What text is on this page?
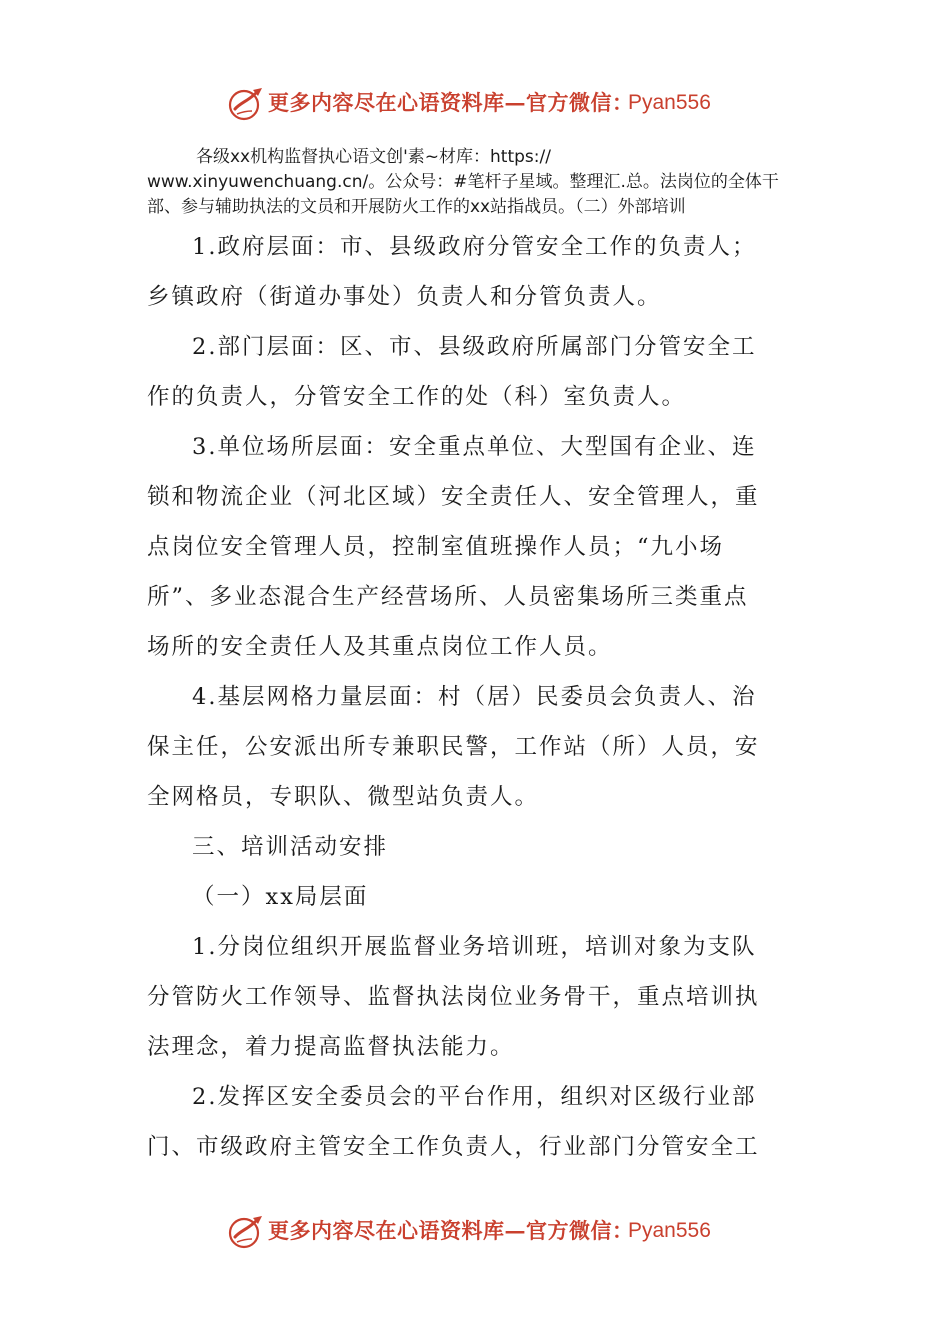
更多内容尽在心语资料库—官方微信：
Pyan556
各级xx机构监督执心语文创'素~材库：https://
www.xinyuwenchuang.cn/。公众号：#笔杆子星域。整理汇.总。法岗位的全体干
部、参与辅助执法的文员和开展防火工作的xx站指战员。（二）外部培训
1.政府层面：市、县级政府分管安全工作的负责人；
乡镇政府（街道办事处）负责人和分管负责人。
2.部门层面：区、市、县级政府所属部门分管安全工
作的负责人，分管安全工作的处（科）室负责人。
3.单位场所层面：安全重点单位、大型国有企业、连
锁和物流企业（河北区域）安全责任人、安全管理人，重
点岗位安全管理人员，控制室值班操作人员；“九小场
所”、多业态混合生产经营场所、人员密集场所三类重点
场所的安全责任人及其重点岗位工作人员。
4.基层网格力量层面：村（居）民委员会负责人、治
保主任，公安派出所专兼职民警，工作站（所）人员，安
全网格员，专职队、微型站负责人。
三、培训活动安排
（一）xx局层面
1.分岗位组织开展监督业务培训班，培训对象为支队
分管防火工作领导、监督执法岗位业务骨干，重点培训执
法理念，着力提高监督执法能力。
2.发挥区安全委员会的平台作用，组织对区级行业部
门、市级政府主管安全工作负责人，行业部门分管安全工
更多内容尽在心语资料库—官方微信：
Pyan556
